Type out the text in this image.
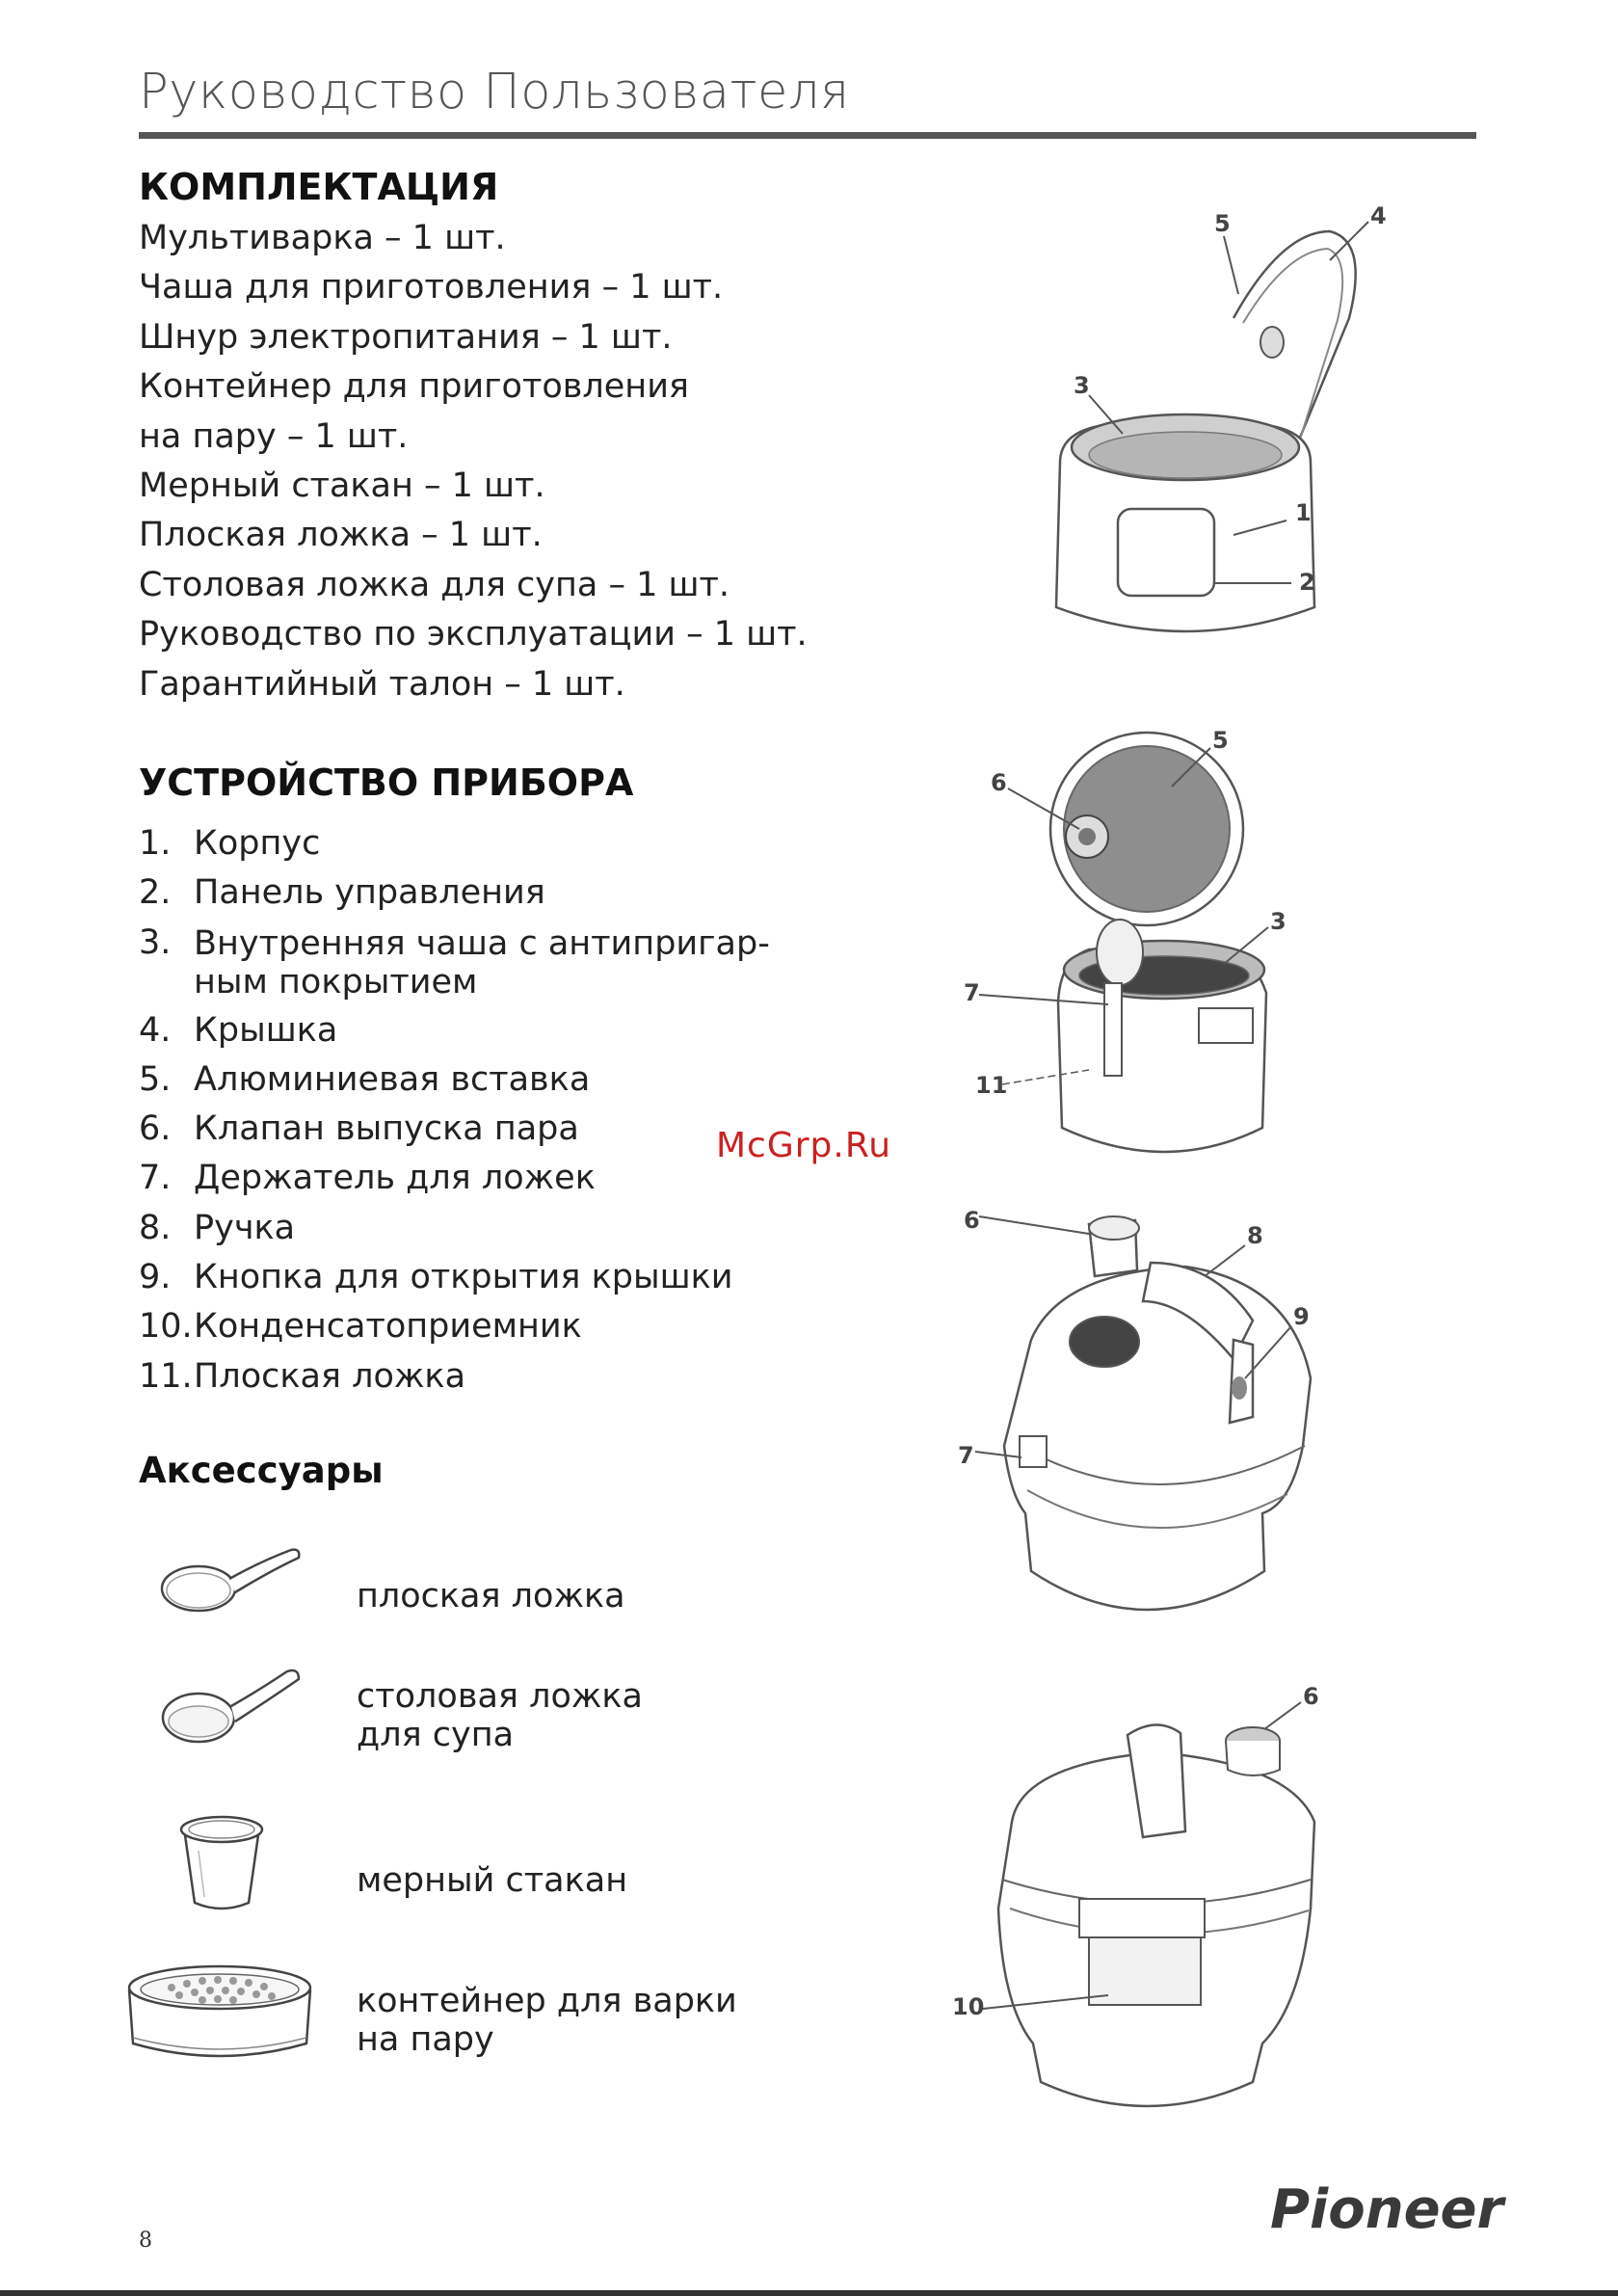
Руководство Пользователя
КОМПЛЕКТАЦИЯ
Мультиварка – 1 шт.
Чаша для приготовления – 1 шт.
Шнур электропитания – 1 шт.
Контейнер для приготовления
на пару – 1 шт.
Мерный стакан – 1 шт.
Плоская ложка – 1 шт.
Столовая ложка для супа – 1 шт.
Руководство по эксплуатации – 1 шт.
Гарантийный талон – 1 шт.
УСТРОЙСТВО ПРИБОРА
1. Корпус
2. Панель управления
3. Внутренняя чаша с антипригар-ным покрытием
4. Крышка
5. Алюминиевая вставка
6. Клапан выпуска пара
7. Держатель для ложек
8. Ручка
9. Кнопка для открытия крышки
10. Конденсатоприемник
11. Плоская ложка
Аксессуары
плоская ложка
столовая ложка
для супа
мерный стакан
контейнер для варки
на пару
1
2
3
4
5
3
5
6
7
11
6
7
8
9
6
10
McGrp.Ru
Pioneer
8
